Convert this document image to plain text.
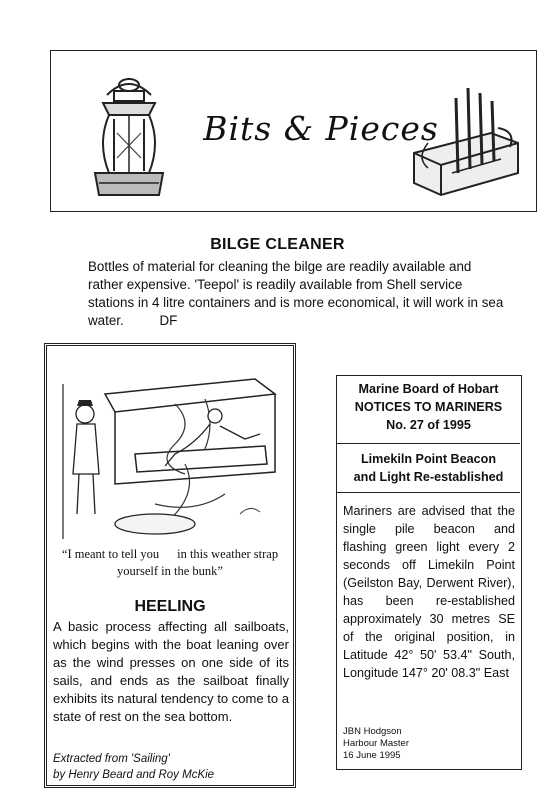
Bits & Pieces
BILGE CLEANER
Bottles of material for cleaning the bilge are readily available and rather expensive. 'Teepol' is readily available from Shell service stations in 4 litre containers and is more economical, it will work in sea water.	DF
“I meant to tell you in this weather strap yourself in the bunk”
HEELING
A basic process affecting all sailboats, which begins with the boat leaning over as the wind presses on one side of its sails, and ends as the sailboat finally exhibits its natural tendency to come to a state of rest on the sea bottom.
Extracted from 'Sailing'
by Henry Beard and Roy McKie
Marine Board of Hobart
NOTICES TO MARINERS
No. 27 of 1995
Limekiln Point Beacon
and Light Re-established
Mariners are advised that the single pile beacon and flashing green light every 2 seconds off Limekiln Point (Geilston Bay, Derwent River), has been re-established approximately 30 metres SE of the original position, in Latitude 42° 50' 53.4" South, Longitude 147° 20' 08.3" East
JBN Hodgson
Harbour Master
16 June 1995
